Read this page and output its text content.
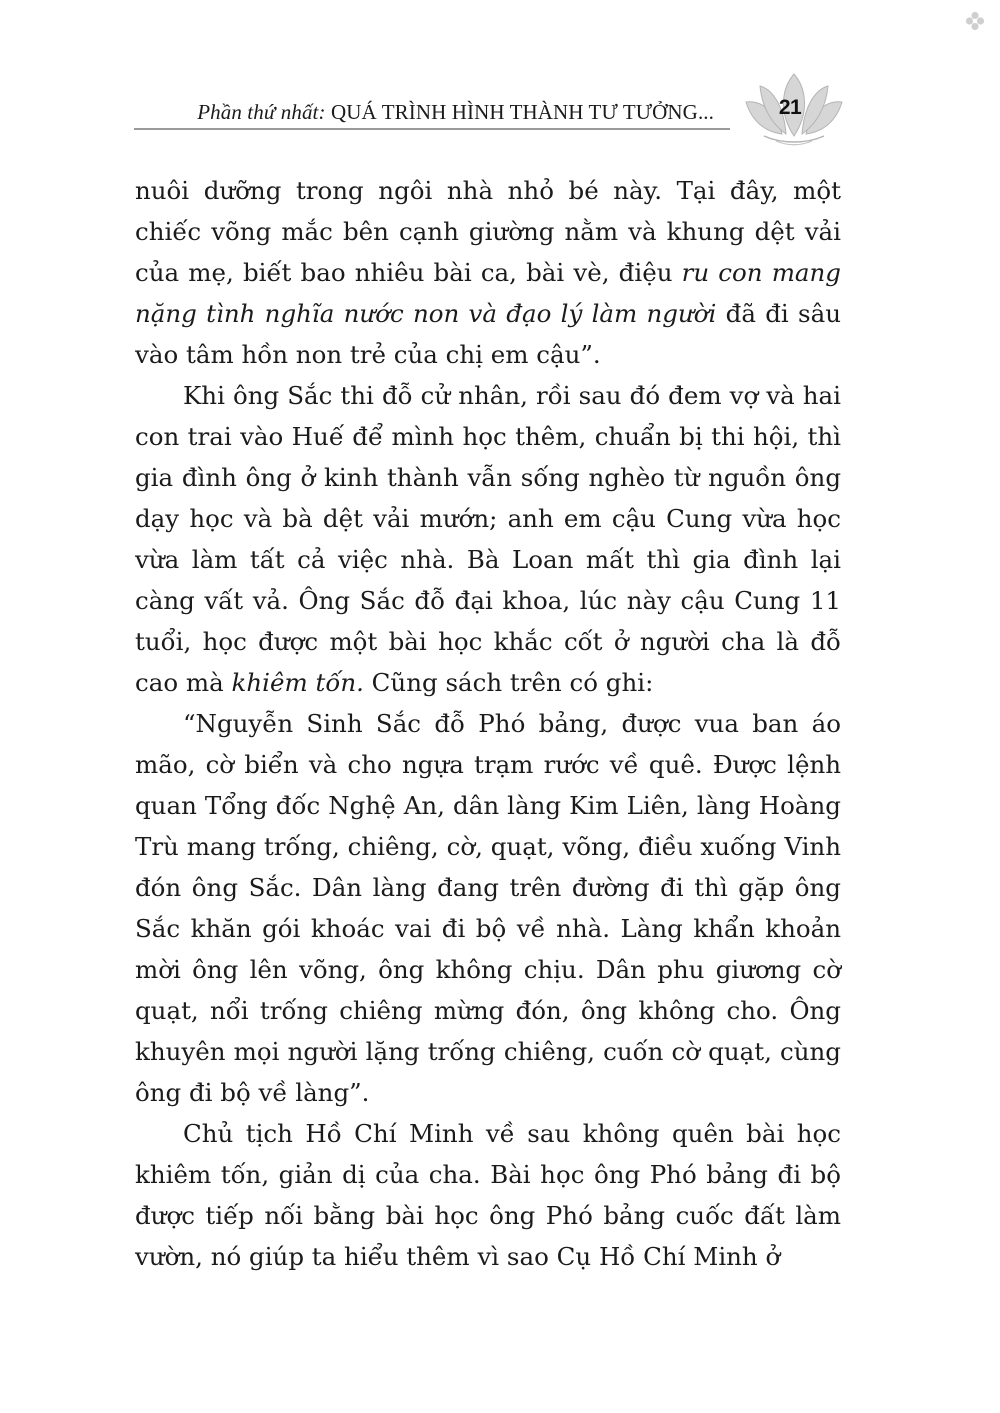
Phần thứ nhất: QUÁ TRÌNH HÌNH THÀNH TƯ TƯỞNG...	21

nuôi dưỡng trong ngôi nhà nhỏ bé này. Tại đây, một chiếc võng mắc bên cạnh giường nằm và khung dệt vải của mẹ, biết bao nhiêu bài ca, bài vè, điệu ru con mang nặng tình nghĩa nước non và đạo lý làm người đã đi sâu vào tâm hồn non trẻ của chị em cậu”.

Khi ông Sắc thi đỗ cử nhân, rồi sau đó đem vợ và hai con trai vào Huế để mình học thêm, chuẩn bị thi hội, thì gia đình ông ở kinh thành vẫn sống nghèo từ nguồn ông dạy học và bà dệt vải mướn; anh em cậu Cung vừa học vừa làm tất cả việc nhà. Bà Loan mất thì gia đình lại càng vất vả. Ông Sắc đỗ đại khoa, lúc này cậu Cung 11 tuổi, học được một bài học khắc cốt ở người cha là đỗ cao mà khiêm tốn. Cũng sách trên có ghi:

“Nguyễn Sinh Sắc đỗ Phó bảng, được vua ban áo mão, cờ biển và cho ngựa trạm rước về quê. Được lệnh quan Tổng đốc Nghệ An, dân làng Kim Liên, làng Hoàng Trù mang trống, chiêng, cờ, quạt, võng, điều xuống Vinh đón ông Sắc. Dân làng đang trên đường đi thì gặp ông Sắc khăn gói khoác vai đi bộ về nhà. Làng khẩn khoản mời ông lên võng, ông không chịu. Dân phu giương cờ quạt, nổi trống chiêng mừng đón, ông không cho. Ông khuyên mọi người lặng trống chiêng, cuốn cờ quạt, cùng ông đi bộ về làng”.

Chủ tịch Hồ Chí Minh về sau không quên bài học khiêm tốn, giản dị của cha. Bài học ông Phó bảng đi bộ được tiếp nối bằng bài học ông Phó bảng cuốc đất làm vườn, nó giúp ta hiểu thêm vì sao Cụ Hồ Chí Minh ở
